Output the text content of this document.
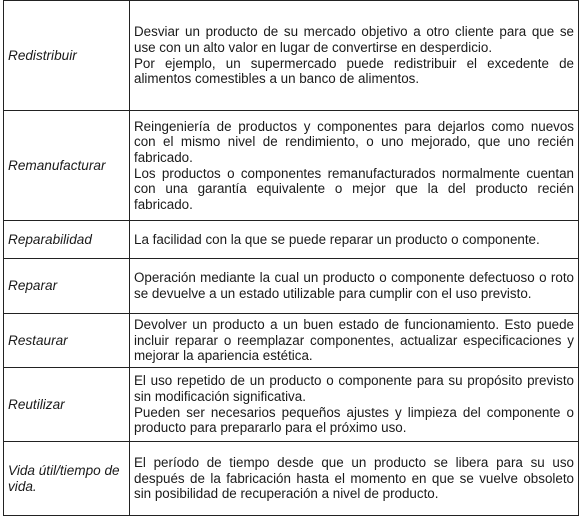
Redistribuir	Desviar un producto de su mercado objetivo a otro cliente para que se use con un alto valor en lugar de convertirse en desperdicio.

Por ejemplo, un supermercado puede redistribuir el excedente de alimentos comestibles a un banco de alimentos.

Remanufacturar	Reingeniería de productos y componentes para dejarlos como nuevos con el mismo nivel de rendimiento, o uno mejorado, que uno recién fabricado.

Los productos o componentes remanufacturados normalmente cuentan con una garantía equivalente o mejor que la del producto recién fabricado.

Reparabilidad	La facilidad con la que se puede reparar un producto o componente.

Reparar	Operación mediante la cual un producto o componente defectuoso o roto se devuelve a un estado utilizable para cumplir con el uso previsto.

Restaurar	Devolver un producto a un buen estado de funcionamiento. Esto puede incluir reparar o reemplazar componentes, actualizar especificaciones y mejorar la apariencia estética.

Reutilizar	El uso repetido de un producto o componente para su propósito previsto sin modificación significativa.

Pueden ser necesarios pequeños ajustes y limpieza del componente o producto para prepararlo para el próximo uso.

Vida útil/tiempo de vida.	El período de tiempo desde que un producto se libera para su uso después de la fabricación hasta el momento en que se vuelve obsoleto sin posibilidad de recuperación a nivel de producto.
